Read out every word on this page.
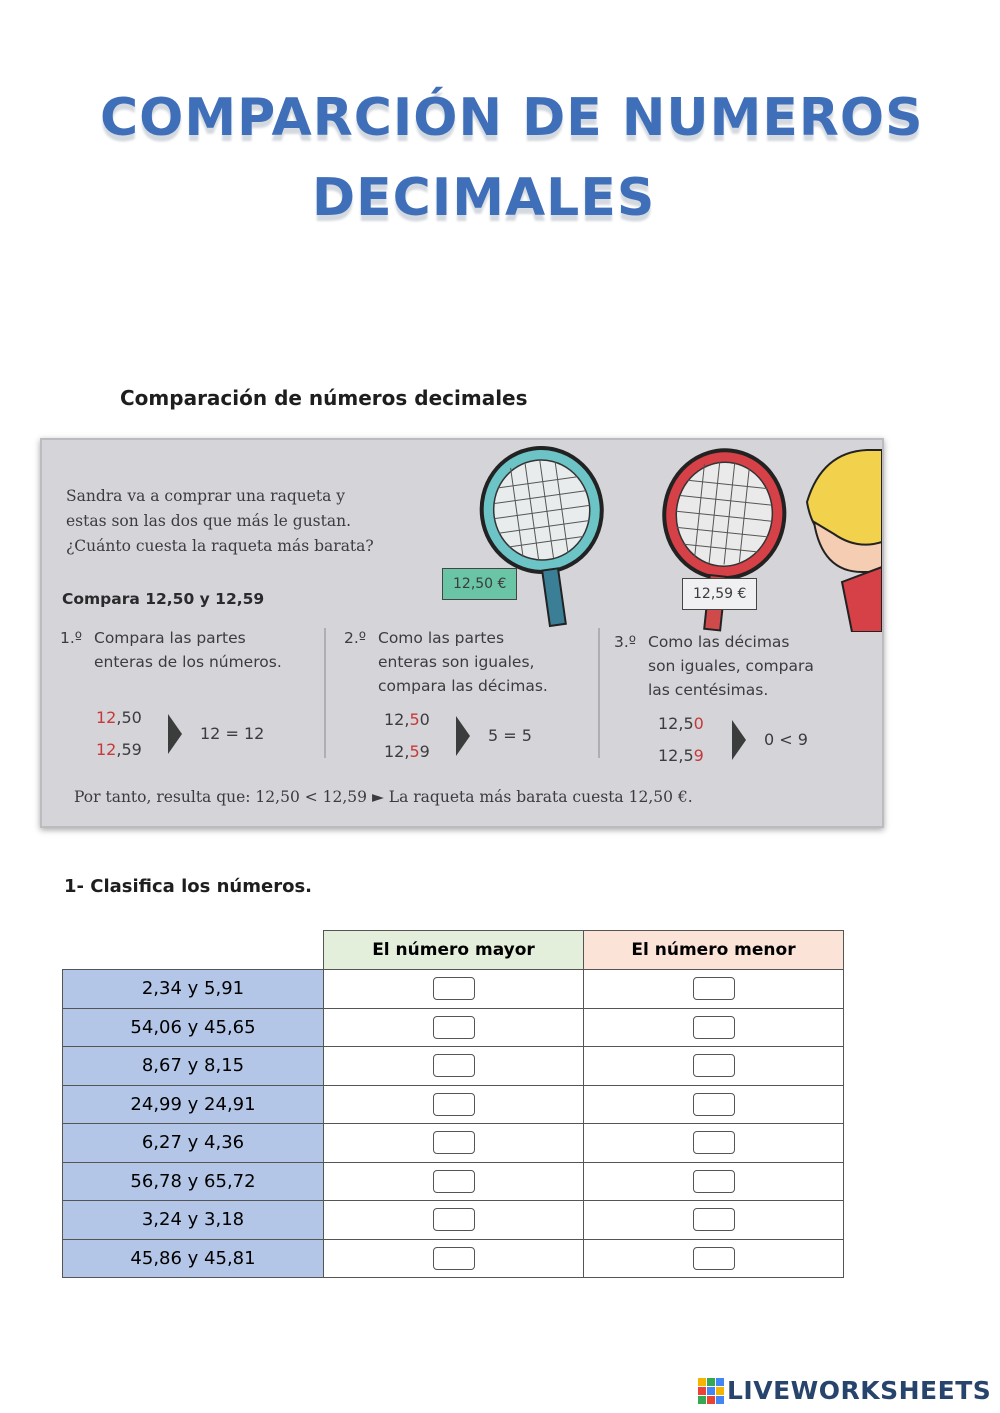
COMPARCIÓN DE NUMEROS
DECIMALES
Comparación de números decimales
Sandra va a comprar una raqueta y
estas son las dos que más le gustan.
¿Cuánto cuesta la raqueta más barata?
12,50 €
12,59 €
Compara 12,50 y 12,59
1.º Compara las partes
enteras de los números.
12,50
12,59
12 = 12
2.º Como las partes
enteras son iguales,
compara las décimas.
12,50
12,59
5 = 5
3.º Como las décimas
son iguales, compara
las centésimas.
12,50
12,59
0 < 9
Por tanto, resulta que: 12,50 < 12,59 ► La raqueta más barata cuesta 12,50 €.
1- Clasifica los números.
	El número mayor	El número menor
2,34 y 5,91		
54,06 y 45,65		
8,67 y 8,15		
24,99 y 24,91		
6,27 y 4,36		
56,78 y 65,72		
3,24 y 3,18		
45,86 y 45,81		
LIVEWORKSHEETS
